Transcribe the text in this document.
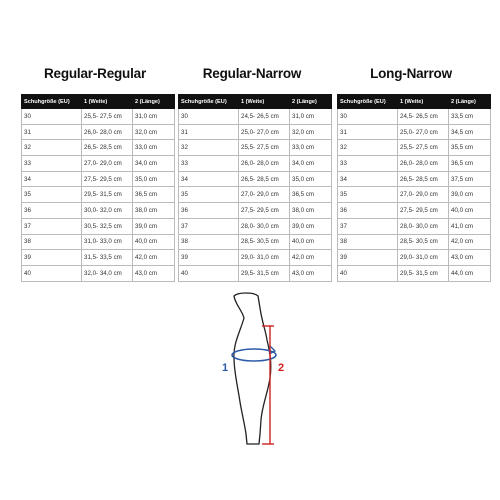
Regular-Regular
Schuhgröße (EU)	1 (Weite)	2 (Länge)
30	25,5- 27,5 cm	31,0 cm
31	26,0- 28,0 cm	32,0 cm
32	26,5- 28,5 cm	33,0 cm
33	27,0- 29,0 cm	34,0 cm
34	27,5- 29,5 cm	35,0 cm
35	29,5- 31,5 cm	36,5 cm
36	30,0- 32,0 cm	38,0 cm
37	30,5- 32,5 cm	39,0 cm
38	31,0- 33,0 cm	40,0 cm
39	31,5- 33,5 cm	42,0 cm
40	32,0- 34,0 cm	43,0 cm
Regular-Narrow
Schuhgröße (EU)	1 (Weite)	2 (Länge)
30	24,5- 26,5 cm	31,0 cm
31	25,0- 27,0 cm	32,0 cm
32	25,5- 27,5 cm	33,0 cm
33	26,0- 28,0 cm	34,0 cm
34	26,5- 28,5 cm	35,0 cm
35	27,0- 29,0 cm	36,5 cm
36	27,5- 29,5 cm	38,0 cm
37	28,0- 30,0 cm	39,0 cm
38	28,5- 30,5 cm	40,0 cm
39	29,0- 31,0 cm	42,0 cm
40	29,5- 31,5 cm	43,0 cm
Long-Narrow
Schuhgröße (EU)	1 (Weite)	2 (Länge)
30	24,5- 26,5 cm	33,5 cm
31	25,0- 27,0 cm	34,5 cm
32	25,5- 27,5 cm	35,5 cm
33	26,0- 28,0 cm	36,5 cm
34	26,5- 28,5 cm	37,5 cm
35	27,0- 29,0 cm	39,0 cm
36	27,5- 29,5 cm	40,0 cm
37	28,0- 30,0 cm	41,0 cm
38	28,5- 30,5 cm	42,0 cm
39	29,0- 31,0 cm	43,0 cm
40	29,5- 31,5 cm	44,0 cm
1	2
